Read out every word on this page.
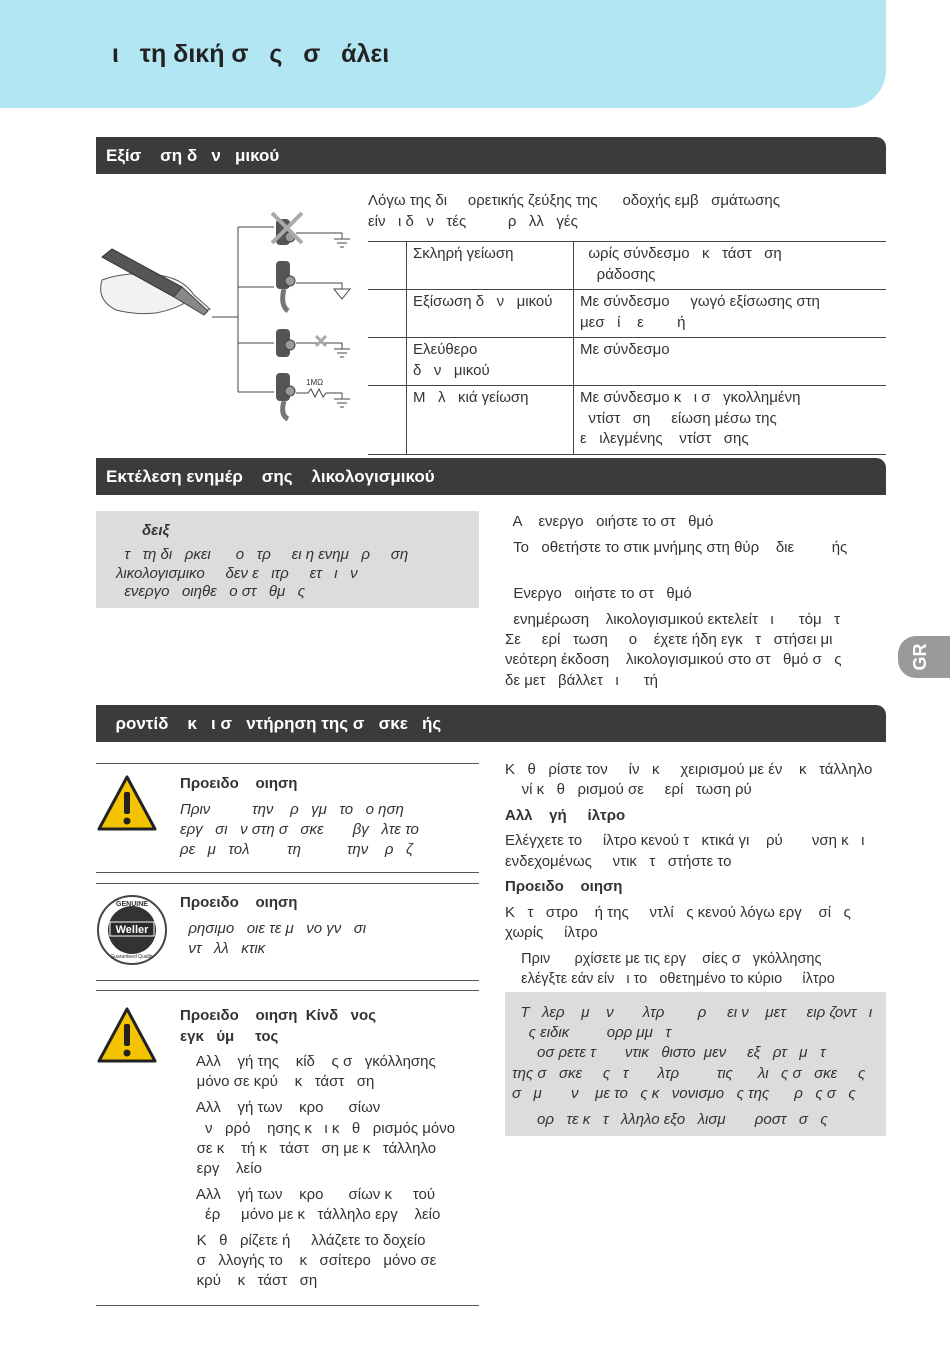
ι   τη δική σ   ς   σ   άλει
Εξίσ    ση δ   ν   μικού
1MΩ
Λόγω της δι     ορετικής ζεύξης της      οδοχής εμβ   σμάτωσης
είν   ι δ   ν   τές          ρ   λλ   γές
	Σκληρή γείωση	ωρίς σύνδεσμο   κ   τάστ   ση
ράδοσης

	Εξίσωση δ   ν   μικού	Με σύνδεσμο     γωγό εξίσωσης στη
μεσ   ί    ε        ή

	Ελεύθερο
δ   ν   μικού	Με σύνδεσμο

	Μ   λ   κιά γείωση	Με σύνδεσμο κ   ι σ   γκολλημένη
ντίστ   ση     είωση μέσω της
ε   ιλεγμένης    ντίστ   σης
Εκτέλεση ενημέρ    σης    λικολογισμικού
δειξ
τ   τη δι   ρκει      ο   τρ     ει η ενημ   ρ     ση
λικολογισμικο     δεν ε   ιτρ     ετ   ι   ν
ενεργο   οιηθε   ο στ   θμ   ς
Α    ενεργο   οιήστε το στ   θμό
Το   οθετήστε το στικ μνήμης στη θύρ    διε         ής
Ενεργο   οιήστε το στ   θμό
ενημέρωση    λικολογισμικού εκτελείτ   ι      τόμ   τ
Σε     ερί   τωση     ο    έχετε ήδη εγκ   τ   στήσει μι
νεότερη έκδοση    λικολογισμικού στο στ   θμό σ   ς
δε μετ   βάλλετ   ι      τή
GR
ροντίδ    κ   ι σ   ντήρηση της σ   σκε   ής
Προειδο    οιηση
Πριν          την    ρ   γμ   το   ο ηση
εργ   σι   ν στη σ   σκε       βγ   λτε το
ρε   μ   τολ         τη           την    ρ   ζ
Weller
GENUINE
Guaranteed Quality
Προειδο    οιηση
ρησιμο   οιε τε μ   νο γν   σι
ντ   λλ   κτικ
Προειδο    οιηση  Κίνδ   νος
εγκ   ύμ     τος
Αλλ    γή της    κίδ    ς σ   γκόλλησης
μόνο σε κρύ    κ   τάστ   ση
Αλλ    γή των    κρο      σίων
ν   ρρό    ησης κ   ι κ   θ   ρισμός μόνο
σε κ    τή κ   τάστ   ση με κ   τάλληλο
εργ    λείο
Αλλ    γή των    κρο      σίων κ     τού
έρ     μόνο με κ   τάλληλο εργ    λείο
Κ   θ   ρίζετε ή     λλάζετε το δοχείο
σ   λλογής το    κ   σσίτερο   μόνο σε
κρύ    κ   τάστ   ση
Κ   θ   ρίστε τον     ίν   κ     χειρισμού με έν    κ   τάλληλο
νί κ   θ   ρισμού σε     ερί   τωση ρύ
Αλλ    γή     ίλτρο
Ελέγχετε το     ίλτρο κενού τ   κτικά γι    ρύ       νση κ   ι
ενδεχομένως     ντικ   τ   στήστε το
Προειδο    οιηση
Κ   τ   στρο    ή της     ντλί   ς κενού λόγω εργ    σί   ς
χωρίς     ίλτρο
Πριν      ρχίσετε με τις εργ    σίες σ   γκόλλησης
ελέγξτε εάν είν   ι το   οθετημένο το κύριο     ίλτρο
Τ   λερ    μ    ν       λτρ        ρ     ει ν    μετ     ειρ ζοντ   ι
ς ειδικ         ορρ μμ   τ
οσ ρετε τ       ντικ   θιστο  μεν     εξ   ρτ   μ   τ
της σ   σκε     ς   τ       λτρ         τις      λι   ς σ   σκε     ς
σ   μ       ν    με το   ς κ   νονισμο   ς της      ρ   ς σ   ς
ορ   τε κ   τ   λληλο εξο   λισμ       ροστ   σ   ς
